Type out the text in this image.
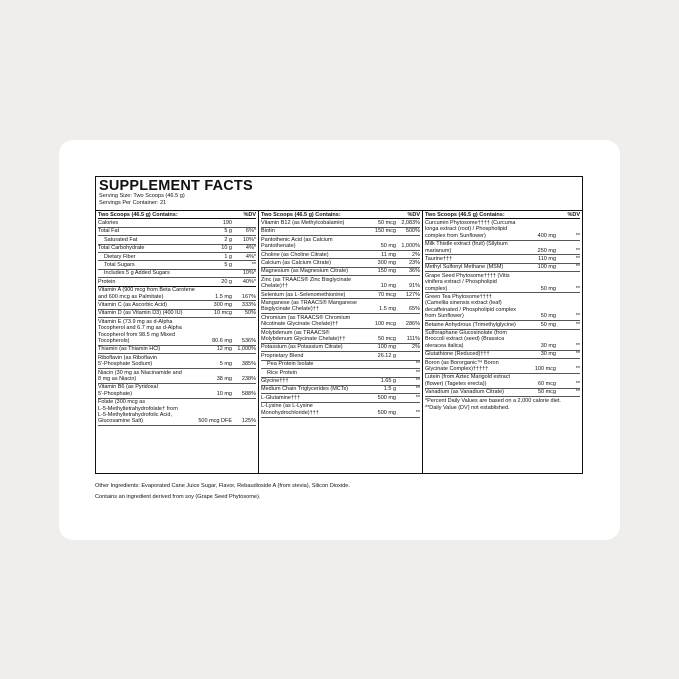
SUPPLEMENT FACTS
Serving Size: Two Scoops (46.5 g)
Servings Per Container: 21
Two Scoops (46.5 g) Contains:	%DV
Calories	190
Total Fat	5 g	6%*
Saturated Fat	2 g	10%*
Total Carbohydrate	10 g	4%*
Dietary Fiber	1 g	4%*
Total Sugars	5 g	**
Includes 5 g Added Sugars	10%*
Protein	20 g	40%*
Vitamin A (900 mcg from Beta Carotene
and 600 mcg as Palmitate)	1.5 mg	167%
Vitamin C (as Ascorbic Acid)	300 mg	333%
Vitamin D (as Vitamin D3) (400 IU)	10 mcg	50%
Vitamin E (73.9 mg as d-Alpha
Tocopherol and 6.7 mg as d-Alpha
Tocopherol from 98.5 mg Mixed
Tocopherols)	80.6 mg	536%
Thiamin (as Thiamin HCl)	12 mg 1,000%
Riboflavin (as Riboflavin
5'-Phosphate Sodium)	5 mg	385%
Niacin (30 mg as Niacinamide and
8 mg as Niacin)	38 mg	238%
Vitamin B6 (as Pyridoxal
5'-Phosphate)	10 mg	588%
Folate (300 mcg as
L-5-Methyltetrahydrofolate† from
L-5-Methyltetrahydrofolic Acid,
Glucosamine Salt)	500 mcg DFE	125%
Two Scoops (46.5 g) Contains:	%DV
Vitamin B12 (as Methylcobalamin)	50 mcg 2,083%
Biotin	150 mcg	500%
Pantothenic Acid (as Calcium
Pantothenate)	50 mg 1,000%
Choline (as Choline Citrate)	11 mg	2%
Calcium (as Calcium Citrate)	300 mg	23%
Magnesium (as Magnesium Citrate)	150 mg	36%
Zinc (as TRAACS® Zinc Bisglycinate
Chelate)††	10 mg	91%
Selenium (as L-Selenomethionine)	70 mcg	127%
Manganese (as TRAACS® Manganese
Bisglycinate Chelate)††	1.5 mg	65%
Chromium (as TRAACS® Chromium
Nicotinate Glycinate Chelate)††	100 mcg	286%
Molybdenum (as TRAACS®
Molybdenum Glycinate Chelate)††	50 mcg	111%
Potassium (as Potassium Citrate)	100 mg	2%
Proprietary Blend	26.12 g
Pea Protein Isolate	**
Rice Protein	**
Glycine†††	1.65 g	**
Medium Chain Triglycerides (MCTs)	1.5 g	**
L-Glutamine†††	500 mg	**
L-Lysine (as L-Lysine
Monohydrochloride)†††	500 mg	**
Two Scoops (46.5 g) Contains:	%DV
Curcumin Phytosome†††† (Curcuma
longa extract (root) / Phospholipid
complex from Sunflower)	400 mg	**
Milk Thistle extract (fruit) (Silybum
marianum)	250 mg	**
Taurine†††	110 mg	**
Methyl Sulfonyl Methane (MSM)	100 mg	**
Grape Seed Phytosome†††† (Vitis
vinifera extract / Phospholipid
complex)	50 mg	**
Green Tea Phytosome††††
(Camellia sinensis extract (leaf)
decaffeinated / Phospholipid complex
from Sunflower)	50 mg	**
Betaine Anhydrous (Trimethylglycine)	50 mg	**
Sulforaphane Glucosinolate (from
Broccoli extract (seed) (Brassica
oleracea italica)	30 mg	**
Glutathione (Reduced)†††	30 mg	**
Boron (as Bororganic™ Boron
Glycinate Complex)†††††	100 mcg	**
Lutein (from Aztec Marigold extract
(flower) (Tagetes erecta))	60 mcg	**
Vanadium (as Vanadium Citrate)	50 mcg	**
*Percent Daily Values are based on a 2,000 calorie diet.
**Daily Value (DV) not established.

Other Ingredients: Evaporated Cane Juice Sugar, Flavor, Rebaudioside A (from stevia), Silicon Dioxide.

Contains an ingredient derived from soy (Grape Seed Phytosome).
